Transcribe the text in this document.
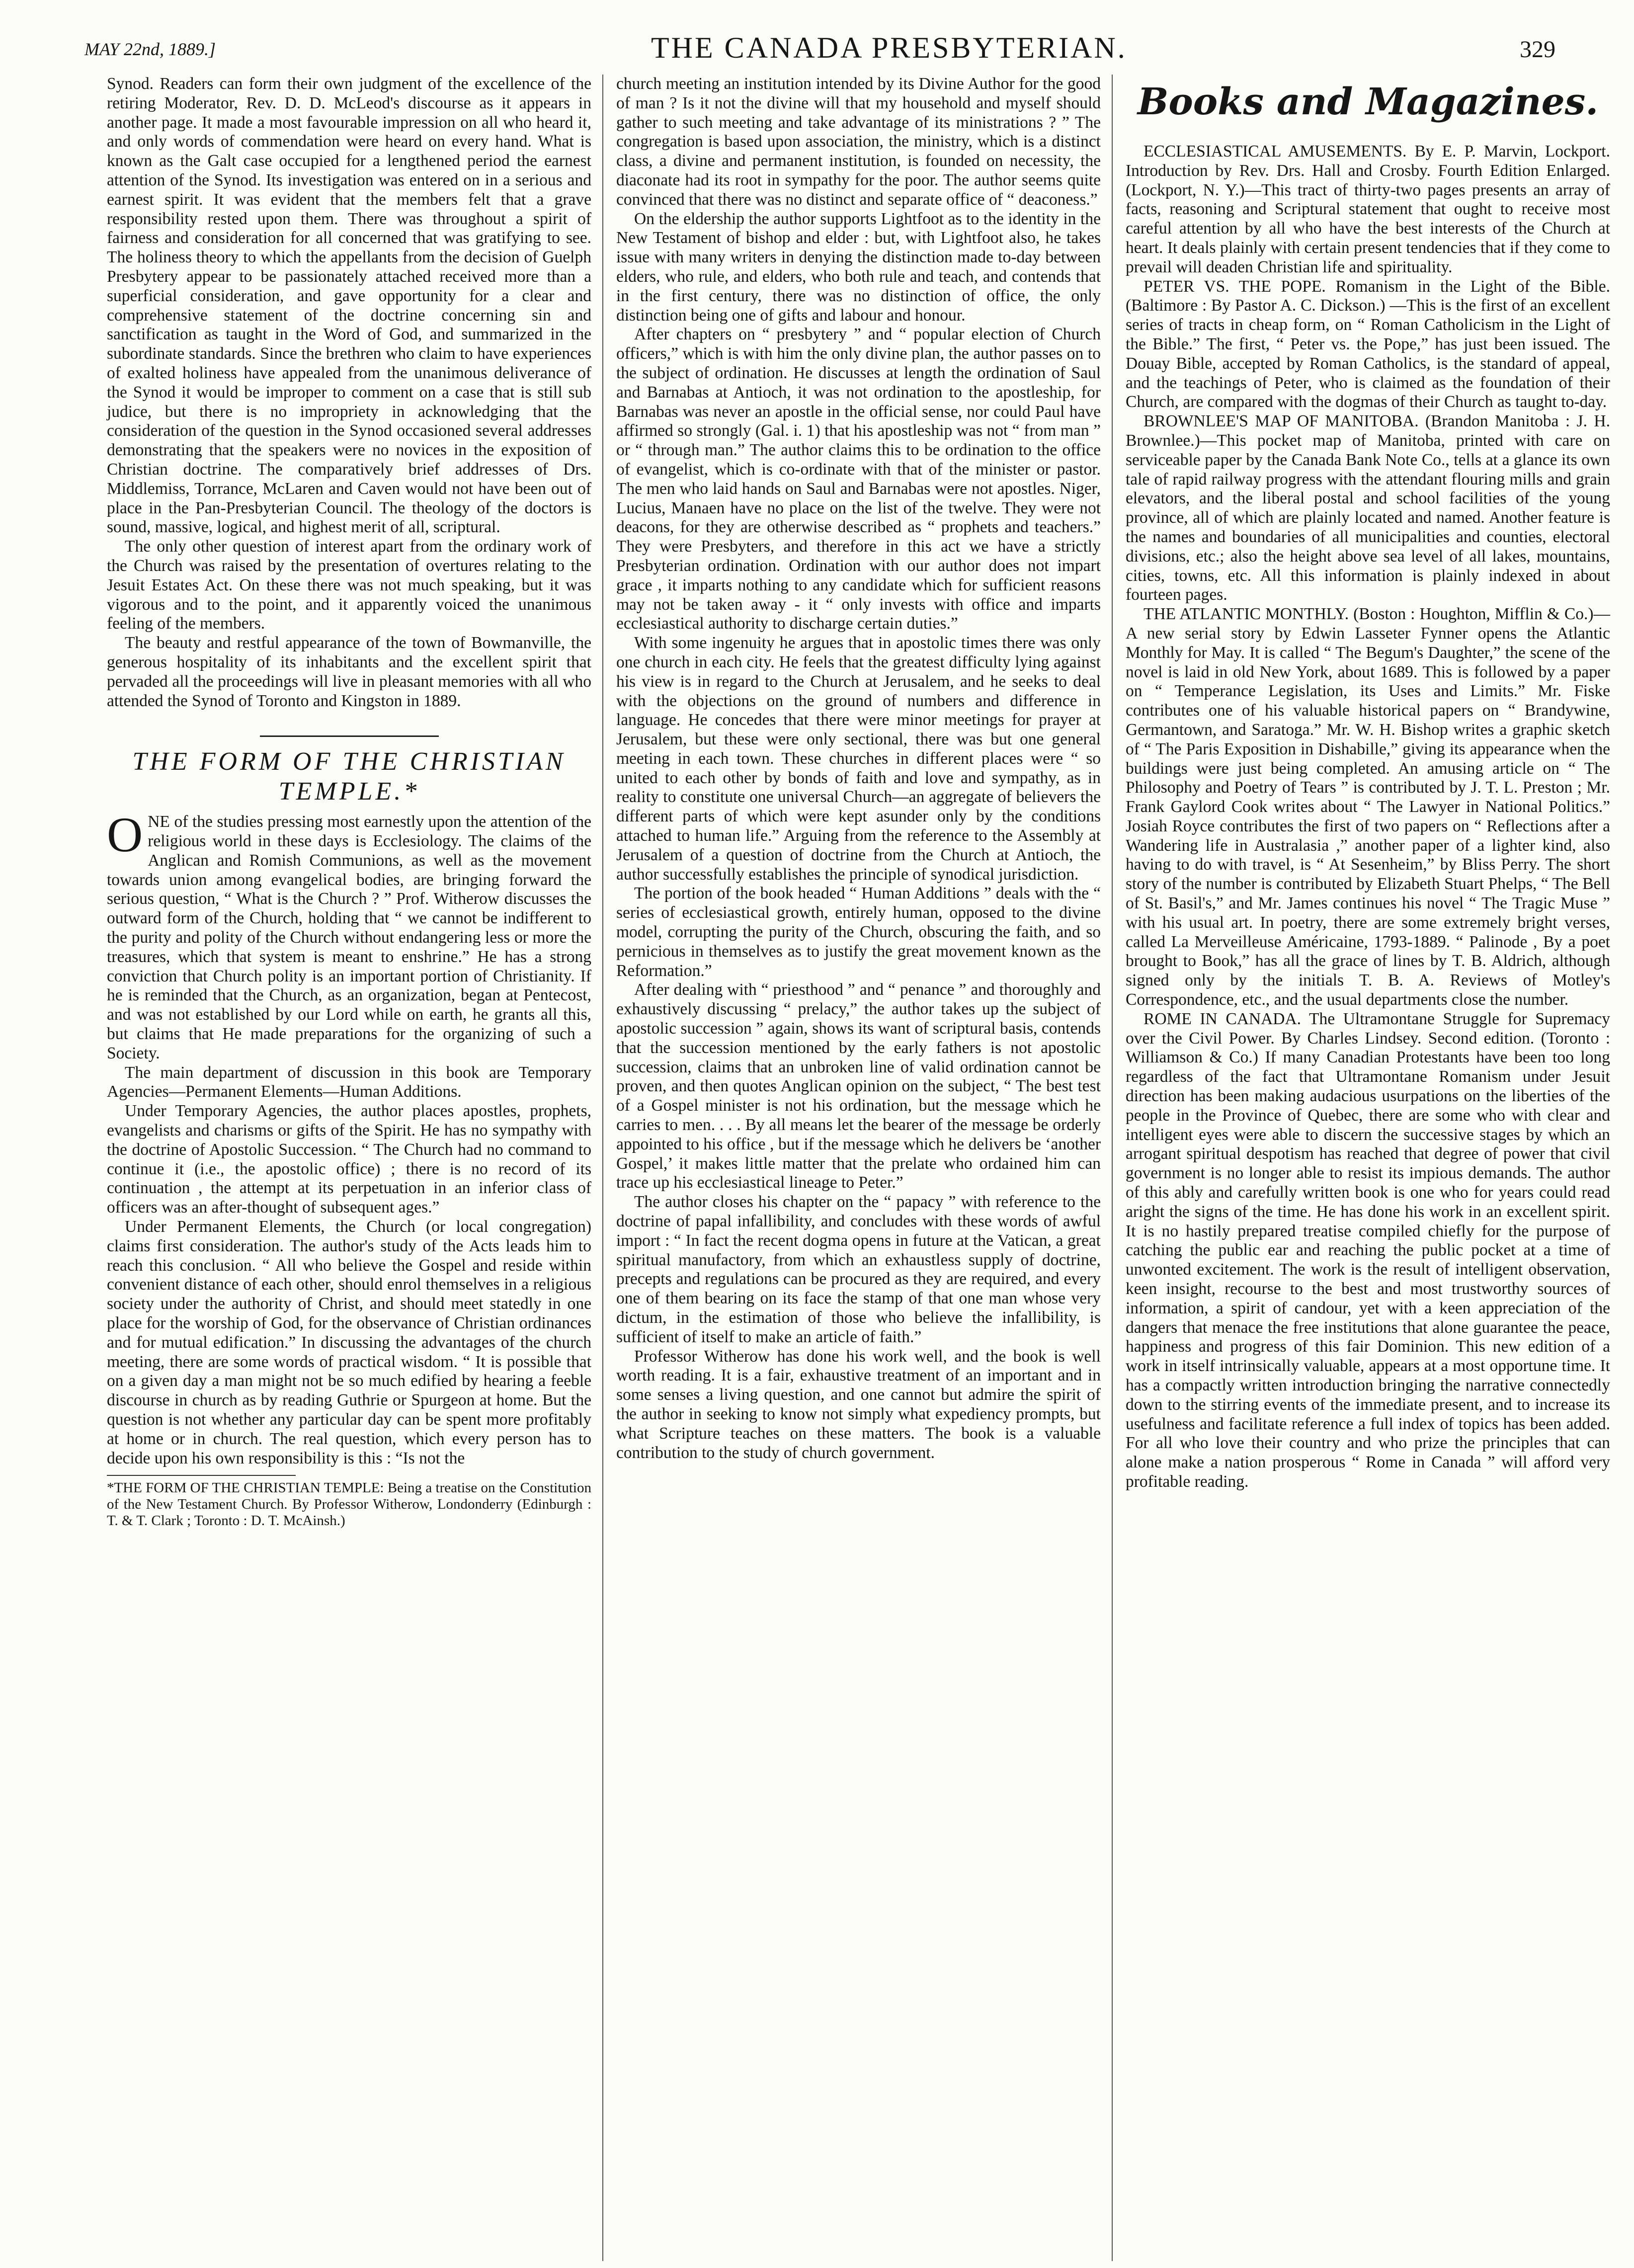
MAY 22nd, 1889.]	THE CANADA PRESBYTERIAN.	329

Synod. Readers can form their own judgment of the excellence of the retiring Moderator, Rev. D. D. McLeod's discourse as it appears in another page. It made a most favourable impression on all who heard it, and only words of commendation were heard on every hand. What is known as the Galt case occupied for a lengthened period the earnest attention of the Synod. Its investigation was entered on in a serious and earnest spirit. It was evident that the members felt that a grave responsibility rested upon them. There was throughout a spirit of fairness and consideration for all concerned that was gratifying to see. The holiness theory to which the appellants from the decision of Guelph Presbytery appear to be passionately attached received more than a superficial consideration, and gave opportunity for a clear and comprehensive statement of the doctrine concerning sin and sanctification as taught in the Word of God, and summarized in the subordinate standards. Since the brethren who claim to have experiences of exalted holiness have appealed from the unanimous deliverance of the Synod it would be improper to comment on a case that is still sub judice, but there is no impropriety in acknowledging that the consideration of the question in the Synod occasioned several addresses demonstrating that the speakers were no novices in the exposition of Christian doctrine. The comparatively brief addresses of Drs. Middlemiss, Torrance, McLaren and Caven would not have been out of place in the Pan-Presbyterian Council. The theology of the doctors is sound, massive, logical, and highest merit of all, scriptural.

The only other question of interest apart from the ordinary work of the Church was raised by the presentation of overtures relating to the Jesuit Estates Act. On these there was not much speaking, but it was vigorous and to the point, and it apparently voiced the unanimous feeling of the members.

The beauty and restful appearance of the town of Bowmanville, the generous hospitality of its inhabitants and the excellent spirit that pervaded all the proceedings will live in pleasant memories with all who attended the Synod of Toronto and Kingston in 1889.

THE FORM OF THE CHRISTIAN TEMPLE.*

ONE of the studies pressing most earnestly upon the attention of the religious world in these days is Ecclesiology. The claims of the Anglican and Romish Communions, as well as the movement towards union among evangelical bodies, are bringing forward the serious question, “ What is the Church ? ” Prof. Witherow discusses the outward form of the Church, holding that “ we cannot be indifferent to the purity and polity of the Church without endangering less or more the treasures, which that system is meant to enshrine.” He has a strong conviction that Church polity is an important portion of Christianity. If he is reminded that the Church, as an organization, began at Pentecost, and was not established by our Lord while on earth, he grants all this, but claims that He made preparations for the organizing of such a Society.

The main department of discussion in this book are Temporary Agencies—Permanent Elements—Human Additions.

Under Temporary Agencies, the author places apostles, prophets, evangelists and charisms or gifts of the Spirit. He has no sympathy with the doctrine of Apostolic Succession. “ The Church had no command to continue it (i.e., the apostolic office) ; there is no record of its continuation , the attempt at its perpetuation in an inferior class of officers was an after-thought of subsequent ages.”

Under Permanent Elements, the Church (or local congregation) claims first consideration. The author's study of the Acts leads him to reach this conclusion. “ All who believe the Gospel and reside within convenient distance of each other, should enrol themselves in a religious society under the authority of Christ, and should meet statedly in one place for the worship of God, for the observance of Christian ordinances and for mutual edification.” In discussing the advantages of the church meeting, there are some words of practical wisdom. “ It is possible that on a given day a man might not be so much edified by hearing a feeble discourse in church as by reading Guthrie or Spurgeon at home. But the question is not whether any particular day can be spent more profitably at home or in church. The real question, which every person has to decide upon his own responsibility is this : “Is not the

*THE FORM OF THE CHRISTIAN TEMPLE: Being a treatise on the Constitution of the New Testament Church. By Professor Witherow, Londonderry (Edinburgh : T. & T. Clark ; Toronto : D. T. McAinsh.)

church meeting an institution intended by its Divine Author for the good of man ? Is it not the divine will that my household and myself should gather to such meeting and take advantage of its ministrations ? ” The congregation is based upon association, the ministry, which is a distinct class, a divine and permanent institution, is founded on necessity, the diaconate had its root in sympathy for the poor. The author seems quite convinced that there was no distinct and separate office of “ deaconess.”

On the eldership the author supports Lightfoot as to the identity in the New Testament of bishop and elder : but, with Lightfoot also, he takes issue with many writers in denying the distinction made to-day between elders, who rule, and elders, who both rule and teach, and contends that in the first century, there was no distinction of office, the only distinction being one of gifts and labour and honour.

After chapters on “ presbytery ” and “ popular election of Church officers,” which is with him the only divine plan, the author passes on to the subject of ordination. He discusses at length the ordination of Saul and Barnabas at Antioch, it was not ordination to the apostleship, for Barnabas was never an apostle in the official sense, nor could Paul have affirmed so strongly (Gal. i. 1) that his apostleship was not “ from man ” or “ through man.” The author claims this to be ordination to the office of evangelist, which is co-ordinate with that of the minister or pastor. The men who laid hands on Saul and Barnabas were not apostles. Niger, Lucius, Manaen have no place on the list of the twelve. They were not deacons, for they are otherwise described as “ prophets and teachers.” They were Presbyters, and therefore in this act we have a strictly Presbyterian ordination. Ordination with our author does not impart grace , it imparts nothing to any candidate which for sufficient reasons may not be taken away - it “ only invests with office and imparts ecclesiastical authority to discharge certain duties.”

With some ingenuity he argues that in apostolic times there was only one church in each city. He feels that the greatest difficulty lying against his view is in regard to the Church at Jerusalem, and he seeks to deal with the objections on the ground of numbers and difference in language. He concedes that there were minor meetings for prayer at Jerusalem, but these were only sectional, there was but one general meeting in each town. These churches in different places were “ so united to each other by bonds of faith and love and sympathy, as in reality to constitute one universal Church—an aggregate of believers the different parts of which were kept asunder only by the conditions attached to human life.” Arguing from the reference to the Assembly at Jerusalem of a question of doctrine from the Church at Antioch, the author successfully establishes the principle of synodical jurisdiction.

The portion of the book headed “ Human Additions ” deals with the “ series of ecclesiastical growth, entirely human, opposed to the divine model, corrupting the purity of the Church, obscuring the faith, and so pernicious in themselves as to justify the great movement known as the Reformation.”

After dealing with “ priesthood ” and “ penance ” and thoroughly and exhaustively discussing “ prelacy,” the author takes up the subject of apostolic succession ” again, shows its want of scriptural basis, contends that the succession mentioned by the early fathers is not apostolic succession, claims that an unbroken line of valid ordination cannot be proven, and then quotes Anglican opinion on the subject, “ The best test of a Gospel minister is not his ordination, but the message which he carries to men. . . . By all means let the bearer of the message be orderly appointed to his office , but if the message which he delivers be ‘another Gospel,’ it makes little matter that the prelate who ordained him can trace up his ecclesiastical lineage to Peter.”

The author closes his chapter on the “ papacy ” with reference to the doctrine of papal infallibility, and concludes with these words of awful import : “ In fact the recent dogma opens in future at the Vatican, a great spiritual manufactory, from which an exhaustless supply of doctrine, precepts and regulations can be procured as they are required, and every one of them bearing on its face the stamp of that one man whose very dictum, in the estimation of those who believe the infallibility, is sufficient of itself to make an article of faith.”

Professor Witherow has done his work well, and the book is well worth reading. It is a fair, exhaustive treatment of an important and in some senses a living question, and one cannot but admire the spirit of the author in seeking to know not simply what expediency prompts, but what Scripture teaches on these matters. The book is a valuable contribution to the study of church government.

Books and Magazines.

ECCLESIASTICAL AMUSEMENTS. By E. P. Marvin, Lockport. Introduction by Rev. Drs. Hall and Crosby. Fourth Edition Enlarged. (Lockport, N. Y.)—This tract of thirty-two pages presents an array of facts, reasoning and Scriptural statement that ought to receive most careful attention by all who have the best interests of the Church at heart. It deals plainly with certain present tendencies that if they come to prevail will deaden Christian life and spirituality.

PETER VS. THE POPE. Romanism in the Light of the Bible. (Baltimore : By Pastor A. C. Dickson.) —This is the first of an excellent series of tracts in cheap form, on “ Roman Catholicism in the Light of the Bible.” The first, “ Peter vs. the Pope,” has just been issued. The Douay Bible, accepted by Roman Catholics, is the standard of appeal, and the teachings of Peter, who is claimed as the foundation of their Church, are compared with the dogmas of their Church as taught to-day.

BROWNLEE'S MAP OF MANITOBA. (Brandon Manitoba : J. H. Brownlee.)—This pocket map of Manitoba, printed with care on serviceable paper by the Canada Bank Note Co., tells at a glance its own tale of rapid railway progress with the attendant flouring mills and grain elevators, and the liberal postal and school facilities of the young province, all of which are plainly located and named. Another feature is the names and boundaries of all municipalities and counties, electoral divisions, etc.; also the height above sea level of all lakes, mountains, cities, towns, etc. All this information is plainly indexed in about fourteen pages.

THE ATLANTIC MONTHLY. (Boston : Houghton, Mifflin & Co.)—A new serial story by Edwin Lasseter Fynner opens the Atlantic Monthly for May. It is called “ The Begum's Daughter,” the scene of the novel is laid in old New York, about 1689. This is followed by a paper on “ Temperance Legislation, its Uses and Limits.” Mr. Fiske contributes one of his valuable historical papers on “ Brandywine, Germantown, and Saratoga.” Mr. W. H. Bishop writes a graphic sketch of “ The Paris Exposition in Dishabille,” giving its appearance when the buildings were just being completed. An amusing article on “ The Philosophy and Poetry of Tears ” is contributed by J. T. L. Preston ; Mr. Frank Gaylord Cook writes about “ The Lawyer in National Politics.” Josiah Royce contributes the first of two papers on “ Reflections after a Wandering life in Australasia ,” another paper of a lighter kind, also having to do with travel, is “ At Sesenheim,” by Bliss Perry. The short story of the number is contributed by Elizabeth Stuart Phelps, “ The Bell of St. Basil's,” and Mr. James continues his novel “ The Tragic Muse ” with his usual art. In poetry, there are some extremely bright verses, called La Merveilleuse Américaine, 1793-1889. “ Palinode , By a poet brought to Book,” has all the grace of lines by T. B. Aldrich, although signed only by the initials T. B. A. Reviews of Motley's Correspondence, etc., and the usual departments close the number.

ROME IN CANADA. The Ultramontane Struggle for Supremacy over the Civil Power. By Charles Lindsey. Second edition. (Toronto : Williamson & Co.) If many Canadian Protestants have been too long regardless of the fact that Ultramontane Romanism under Jesuit direction has been making audacious usurpations on the liberties of the people in the Province of Quebec, there are some who with clear and intelligent eyes were able to discern the successive stages by which an arrogant spiritual despotism has reached that degree of power that civil government is no longer able to resist its impious demands. The author of this ably and carefully written book is one who for years could read aright the signs of the time. He has done his work in an excellent spirit. It is no hastily prepared treatise compiled chiefly for the purpose of catching the public ear and reaching the public pocket at a time of unwonted excitement. The work is the result of intelligent observation, keen insight, recourse to the best and most trustworthy sources of information, a spirit of candour, yet with a keen appreciation of the dangers that menace the free institutions that alone guarantee the peace, happiness and progress of this fair Dominion. This new edition of a work in itself intrinsically valuable, appears at a most opportune time. It has a compactly written introduction bringing the narrative connectedly down to the stirring events of the immediate present, and to increase its usefulness and facilitate reference a full index of topics has been added. For all who love their country and who prize the principles that can alone make a nation prosperous “ Rome in Canada ” will afford very profitable reading.
